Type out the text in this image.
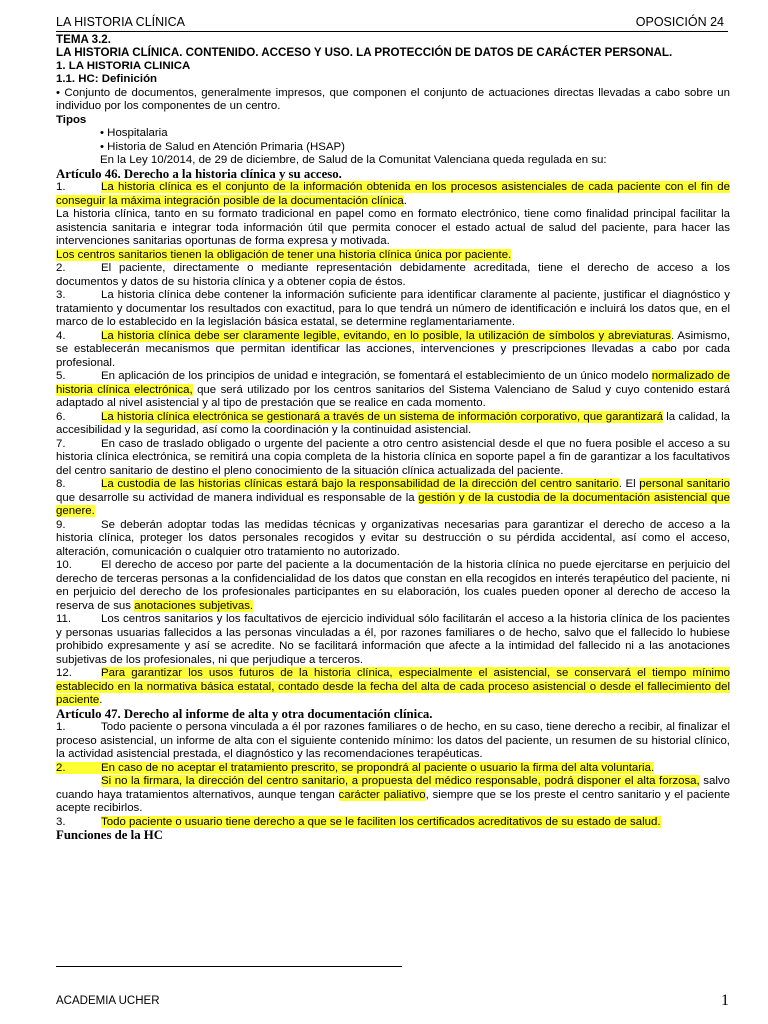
LA HISTORIA CLÍNICA	OPOSICIÓN 24

TEMA 3.2.

LA HISTORIA CLÍNICA. CONTENIDO. ACCESO Y USO. LA PROTECCIÓN DE DATOS DE CARÁCTER PERSONAL.

1. LA HISTORIA CLINICA

1.1. HC: Definición

• Conjunto de documentos, generalmente impresos, que componen el conjunto de actuaciones directas llevadas a cabo sobre un individuo por los componentes de un centro.

Tipos

• Hospitalaria

• Historia de Salud en Atención Primaria (HSAP)

En la Ley 10/2014, de 29 de diciembre, de Salud de la Comunitat Valenciana queda regulada en su:

Artículo 46. Derecho a la historia clínica y su acceso.

1.	La historia clínica es el conjunto de la información obtenida en los procesos asistenciales de cada paciente con el fin de conseguir la máxima integración posible de la documentación clínica.

La historia clínica, tanto en su formato tradicional en papel como en formato electrónico, tiene como finalidad principal facilitar la asistencia sanitaria e integrar toda información útil que permita conocer el estado actual de salud del paciente, para hacer las intervenciones sanitarias oportunas de forma expresa y motivada.

Los centros sanitarios tienen la obligación de tener una historia clínica única por paciente.

2.	El paciente, directamente o mediante representación debidamente acreditada, tiene el derecho de acceso a los documentos y datos de su historia clínica y a obtener copia de éstos.

3.	La historia clínica debe contener la información suficiente para identificar claramente al paciente, justificar el diagnóstico y tratamiento y documentar los resultados con exactitud, para lo que tendrá un número de identificación e incluirá los datos que, en el marco de lo establecido en la legislación básica estatal, se determine reglamentariamente.

4.	La historia clínica debe ser claramente legible, evitando, en lo posible, la utilización de símbolos y abreviaturas. Asimismo, se establecerán mecanismos que permitan identificar las acciones, intervenciones y prescripciones llevadas a cabo por cada profesional.

5.	En aplicación de los principios de unidad e integración, se fomentará el establecimiento de un único modelo normalizado de historia clínica electrónica, que será utilizado por los centros sanitarios del Sistema Valenciano de Salud y cuyo contenido estará adaptado al nivel asistencial y al tipo de prestación que se realice en cada momento.

6.	La historia clínica electrónica se gestionará a través de un sistema de información corporativo, que garantizará la calidad, la accesibilidad y la seguridad, así como la coordinación y la continuidad asistencial.

7.	En caso de traslado obligado o urgente del paciente a otro centro asistencial desde el que no fuera posible el acceso a su historia clínica electrónica, se remitirá una copia completa de la historia clínica en soporte papel a fin de garantizar a los facultativos del centro sanitario de destino el pleno conocimiento de la situación clínica actualizada del paciente.

8.	La custodia de las historias clínicas estará bajo la responsabilidad de la dirección del centro sanitario. El personal sanitario que desarrolle su actividad de manera individual es responsable de la gestión y de la custodia de la documentación asistencial que genere.

9.	Se deberán adoptar todas las medidas técnicas y organizativas necesarias para garantizar el derecho de acceso a la historia clínica, proteger los datos personales recogidos y evitar su destrucción o su pérdida accidental, así como el acceso, alteración, comunicación o cualquier otro tratamiento no autorizado.

10.	El derecho de acceso por parte del paciente a la documentación de la historia clínica no puede ejercitarse en perjuicio del derecho de terceras personas a la confidencialidad de los datos que constan en ella recogidos en interés terapéutico del paciente, ni en perjuicio del derecho de los profesionales participantes en su elaboración, los cuales pueden oponer al derecho de acceso la reserva de sus anotaciones subjetivas.

11.	Los centros sanitarios y los facultativos de ejercicio individual sólo facilitarán el acceso a la historia clínica de los pacientes y personas usuarias fallecidos a las personas vinculadas a él, por razones familiares o de hecho, salvo que el fallecido lo hubiese prohibido expresamente y así se acredite. No se facilitará información que afecte a la intimidad del fallecido ni a las anotaciones subjetivas de los profesionales, ni que perjudique a terceros.

12.	Para garantizar los usos futuros de la historia clínica, especialmente el asistencial, se conservará el tiempo mínimo establecido en la normativa básica estatal, contado desde la fecha del alta de cada proceso asistencial o desde el fallecimiento del paciente.

Artículo 47. Derecho al informe de alta y otra documentación clínica.

1.	Todo paciente o persona vinculada a él por razones familiares o de hecho, en su caso, tiene derecho a recibir, al finalizar el proceso asistencial, un informe de alta con el siguiente contenido mínimo: los datos del paciente, un resumen de su historial clínico, la actividad asistencial prestada, el diagnóstico y las recomendaciones terapéuticas.

2.	En caso de no aceptar el tratamiento prescrito, se propondrá al paciente o usuario la firma del alta voluntaria.

Si no la firmara, la dirección del centro sanitario, a propuesta del médico responsable, podrá disponer el alta forzosa, salvo cuando haya tratamientos alternativos, aunque tengan carácter paliativo, siempre que se los preste el centro sanitario y el paciente acepte recibirlos.

3.	Todo paciente o usuario tiene derecho a que se le faciliten los certificados acreditativos de su estado de salud.

Funciones de la HC

ACADEMIA UCHER	1
